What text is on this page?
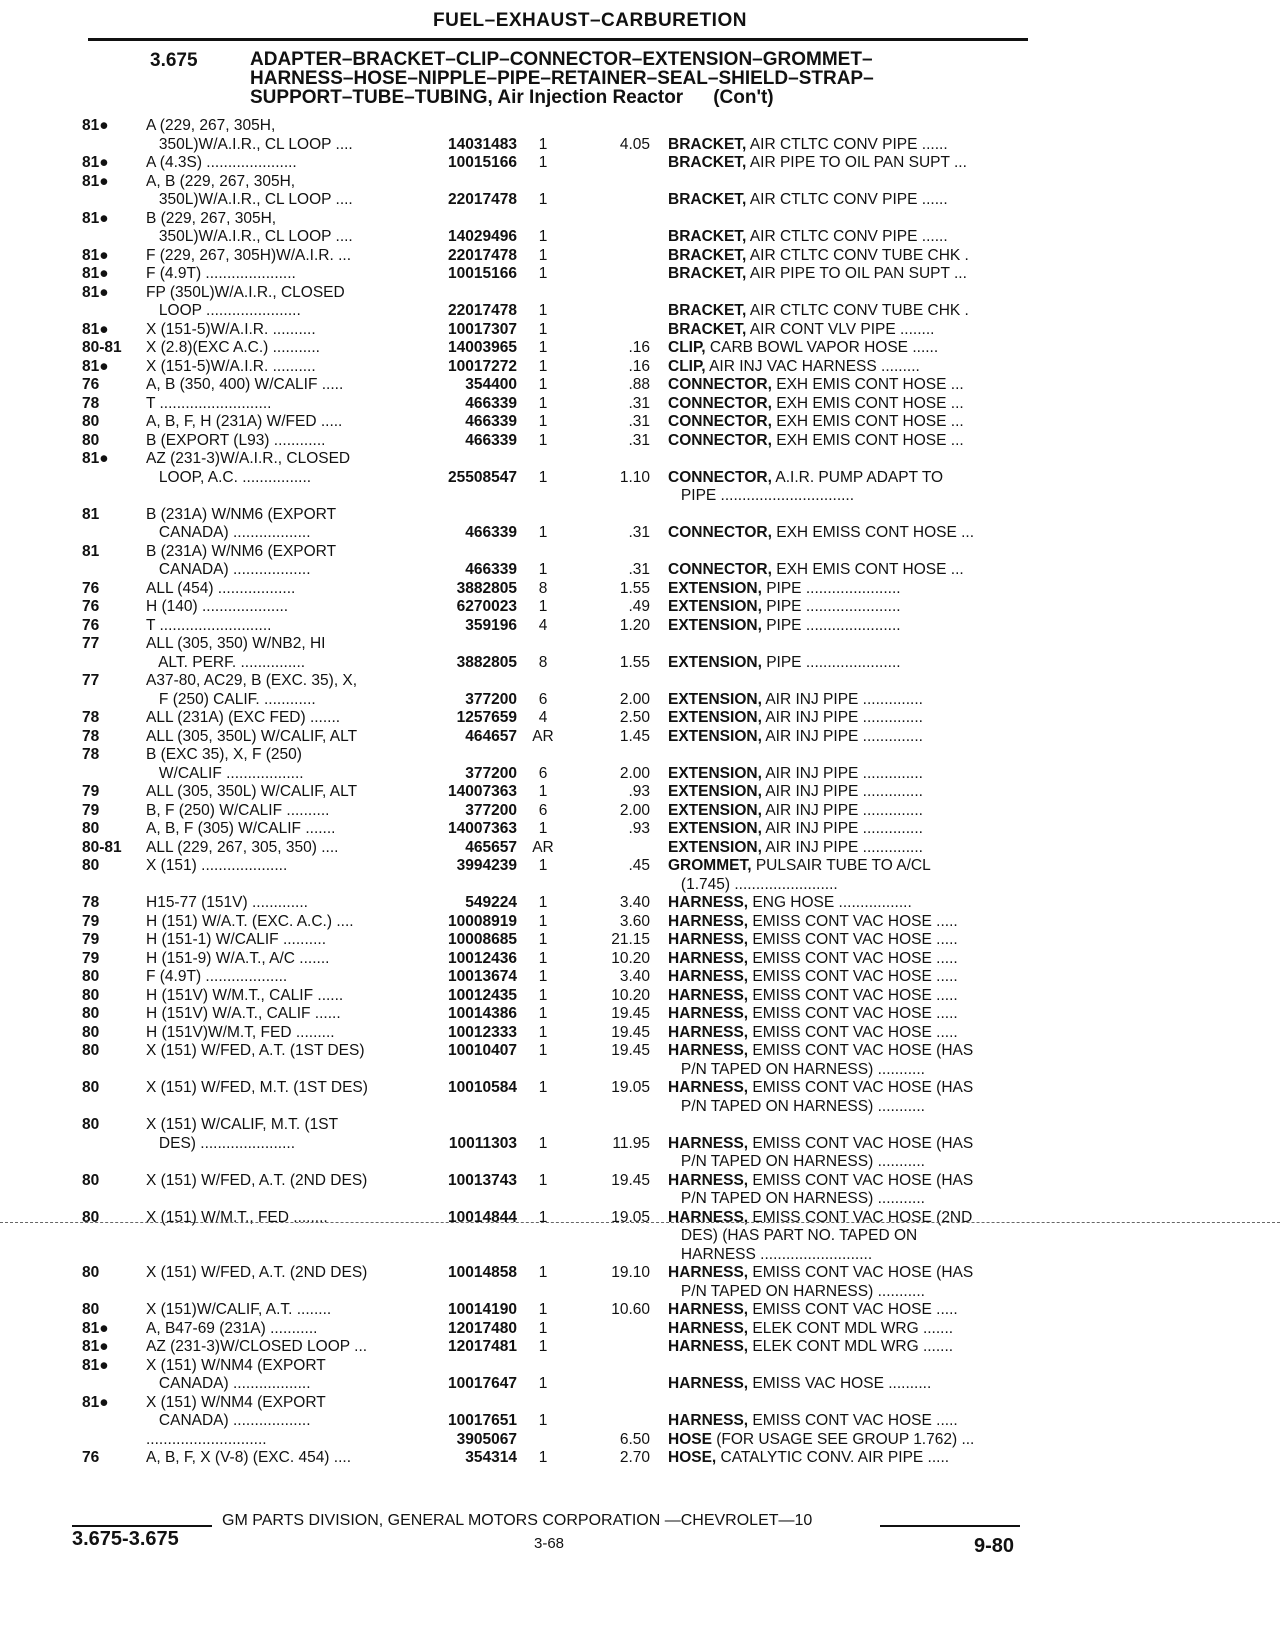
FUEL–EXHAUST–CARBURETION
3.675	ADAPTER–BRACKET–CLIP–CONNECTOR–EXTENSION–GROMMET–
HARNESS–HOSE–NIPPLE–PIPE–RETAINER–SEAL–SHIELD–STRAP–
SUPPORT–TUBE–TUBING, Air Injection Reactor (Con't)
81●	A (229, 267, 305H,
350L)W/A.I.R., CL LOOP ....	14031483	1	4.05 BRACKET, AIR CTLTC CONV PIPE ......
81●	A (4.3S) .....................	10015166	1	BRACKET, AIR PIPE TO OIL PAN SUPT ...
81●	A, B (229, 267, 305H,
350L)W/A.I.R., CL LOOP ....	22017478	1	BRACKET, AIR CTLTC CONV PIPE ......
81●	B (229, 267, 305H,
350L)W/A.I.R., CL LOOP ....	14029496	1	BRACKET, AIR CTLTC CONV PIPE ......
81●	F (229, 267, 305H)W/A.I.R. ...	22017478	1	BRACKET, AIR CTLTC CONV TUBE CHK .
81●	F (4.9T) .....................	10015166	1	BRACKET, AIR PIPE TO OIL PAN SUPT ...
81●	FP (350L)W/A.I.R., CLOSED
LOOP ......................	22017478	1	BRACKET, AIR CTLTC CONV TUBE CHK .
81●	X (151-5)W/A.I.R. ..........	10017307	1	BRACKET, AIR CONT VLV PIPE ........
80-81	X (2.8)(EXC A.C.) ...........	14003965	1	.16 CLIP, CARB BOWL VAPOR HOSE ......
81●	X (151-5)W/A.I.R. ..........	10017272	1	.16 CLIP, AIR INJ VAC HARNESS .........
76	A, B (350, 400) W/CALIF .....	354400	1	.88 CONNECTOR, EXH EMIS CONT HOSE ...
78	T ..........................	466339	1	.31 CONNECTOR, EXH EMIS CONT HOSE ...
80	A, B, F, H (231A) W/FED .....	466339	1	.31 CONNECTOR, EXH EMIS CONT HOSE ...
80	B (EXPORT (L93) ............	466339	1	.31 CONNECTOR, EXH EMIS CONT HOSE ...
81●	AZ (231-3)W/A.I.R., CLOSED
LOOP, A.C. ................	25508547	1	1.10 CONNECTOR, A.I.R. PUMP ADAPT TO
PIPE ...............................
81	B (231A) W/NM6 (EXPORT
CANADA) ..................	466339	1	.31 CONNECTOR, EXH EMISS CONT HOSE ...
81	B (231A) W/NM6 (EXPORT
CANADA) ..................	466339	1	.31 CONNECTOR, EXH EMIS CONT HOSE ...
76	ALL (454) ..................	3882805	8	1.55 EXTENSION, PIPE ......................
76	H (140) ....................	6270023	1	.49 EXTENSION, PIPE ......................
76	T ..........................	359196	4	1.20 EXTENSION, PIPE ......................
77	ALL (305, 350) W/NB2, HI
ALT. PERF. ...............	3882805	8	1.55 EXTENSION, PIPE ......................
77	A37-80, AC29, B (EXC. 35), X,
F (250) CALIF. ............	377200	6	2.00 EXTENSION, AIR INJ PIPE ..............
78	ALL (231A) (EXC FED) .......	1257659	4	2.50 EXTENSION, AIR INJ PIPE ..............
78	ALL (305, 350L) W/CALIF, ALT	464657 AR	1.45 EXTENSION, AIR INJ PIPE ..............
78	B (EXC 35), X, F (250)
W/CALIF ..................	377200	6	2.00 EXTENSION, AIR INJ PIPE ..............
79	ALL (305, 350L) W/CALIF, ALT	14007363	1	.93 EXTENSION, AIR INJ PIPE ..............
79	B, F (250) W/CALIF ..........	377200	6	2.00 EXTENSION, AIR INJ PIPE ..............
80	A, B, F (305) W/CALIF .......	14007363	1	.93 EXTENSION, AIR INJ PIPE ..............
80-81	ALL (229, 267, 305, 350) ....	465657 AR	EXTENSION, AIR INJ PIPE ..............
80	X (151) ....................	3994239	1	.45 GROMMET, PULSAIR TUBE TO A/CL
(1.745) ........................
78	H15-77 (151V) .............	549224	1	3.40 HARNESS, ENG HOSE .................
79	H (151) W/A.T. (EXC. A.C.) ....	10008919	1	3.60 HARNESS, EMISS CONT VAC HOSE .....
79	H (151-1) W/CALIF ..........	10008685	1	21.15 HARNESS, EMISS CONT VAC HOSE .....
79	H (151-9) W/A.T., A/C .......	10012436	1	10.20 HARNESS, EMISS CONT VAC HOSE .....
80	F (4.9T) ...................	10013674	1	3.40 HARNESS, EMISS CONT VAC HOSE .....
80	H (151V) W/M.T., CALIF ......	10012435	1	10.20 HARNESS, EMISS CONT VAC HOSE .....
80	H (151V) W/A.T., CALIF ......	10014386	1	19.45 HARNESS, EMISS CONT VAC HOSE .....
80	H (151V)W/M.T, FED .........	10012333	1	19.45 HARNESS, EMISS CONT VAC HOSE .....
80	X (151) W/FED, A.T. (1ST DES)	10010407	1	19.45 HARNESS, EMISS CONT VAC HOSE (HAS
P/N TAPED ON HARNESS) ...........
80	X (151) W/FED, M.T. (1ST DES)	10010584	1	19.05 HARNESS, EMISS CONT VAC HOSE (HAS
P/N TAPED ON HARNESS) ...........
80	X (151) W/CALIF, M.T. (1ST
DES) ......................	10011303	1	11.95 HARNESS, EMISS CONT VAC HOSE (HAS
P/N TAPED ON HARNESS) ...........
80	X (151) W/FED, A.T. (2ND DES)	10013743	1	19.45 HARNESS, EMISS CONT VAC HOSE (HAS
P/N TAPED ON HARNESS) ...........
80	X (151) W/M.T., FED ........	10014844	1	19.05 HARNESS, EMISS CONT VAC HOSE (2ND
DES) (HAS PART NO. TAPED ON
HARNESS ..........................
80	X (151) W/FED, A.T. (2ND DES)	10014858	1	19.10 HARNESS, EMISS CONT VAC HOSE (HAS
P/N TAPED ON HARNESS) ...........
80	X (151)W/CALIF, A.T. ........	10014190	1	10.60 HARNESS, EMISS CONT VAC HOSE .....
81●	A, B47-69 (231A) ...........	12017480	1	HARNESS, ELEK CONT MDL WRG .......
81●	AZ (231-3)W/CLOSED LOOP ...	12017481	1	HARNESS, ELEK CONT MDL WRG .......
81●	X (151) W/NM4 (EXPORT
CANADA) ..................	10017647	1	HARNESS, EMISS VAC HOSE ..........
81●	X (151) W/NM4 (EXPORT
CANADA) ..................	10017651	1	HARNESS, EMISS CONT VAC HOSE .....
............................	3905067	6.50 HOSE (FOR USAGE SEE GROUP 1.762) ...
76	A, B, F, X (V-8) (EXC. 454) ....	354314	1	2.70 HOSE, CATALYTIC CONV. AIR PIPE .....
GM PARTS DIVISION, GENERAL MOTORS CORPORATION —CHEVROLET—10
3.675-3.675	3-68	9-80
